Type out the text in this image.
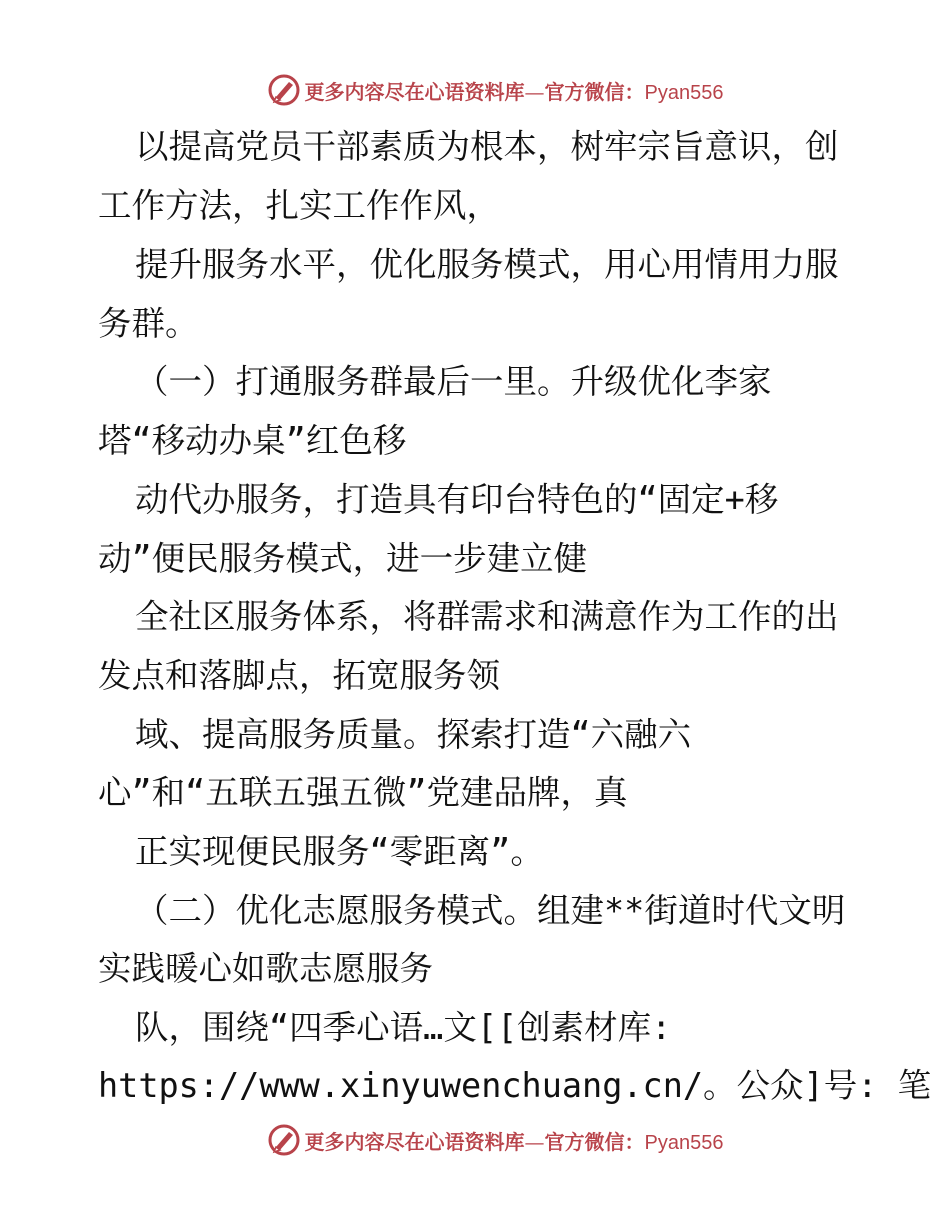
更多内容尽在心语资料库—官方微信：Pyan556
以提高党员干部素质为根本，树牢宗旨意识，创
工作方法，扎实工作作风，
提升服务水平，优化服务模式，用心用情用力服
务群。
（一）打通服务群最后一里。升级优化李家
塔“移动办桌”红色移
动代办服务，打造具有印台特色的“固定+移
动”便民服务模式，进一步建立健
全社区服务体系，将群需求和满意作为工作的出
发点和落脚点，拓宽服务领
域、提高服务质量。探索打造“六融六
心”和“五联五强五微”党建品牌，真
正实现便民服务“零距离”。
（二）优化志愿服务模式。组建**街道时代文明
实践暖心如歌志愿服务
队，围绕“四季心语…文[[创素材库:
https://www.xinyuwenchuang.cn/。公众]号: 笔
更多内容尽在心语资料库—官方微信：Pyan556
